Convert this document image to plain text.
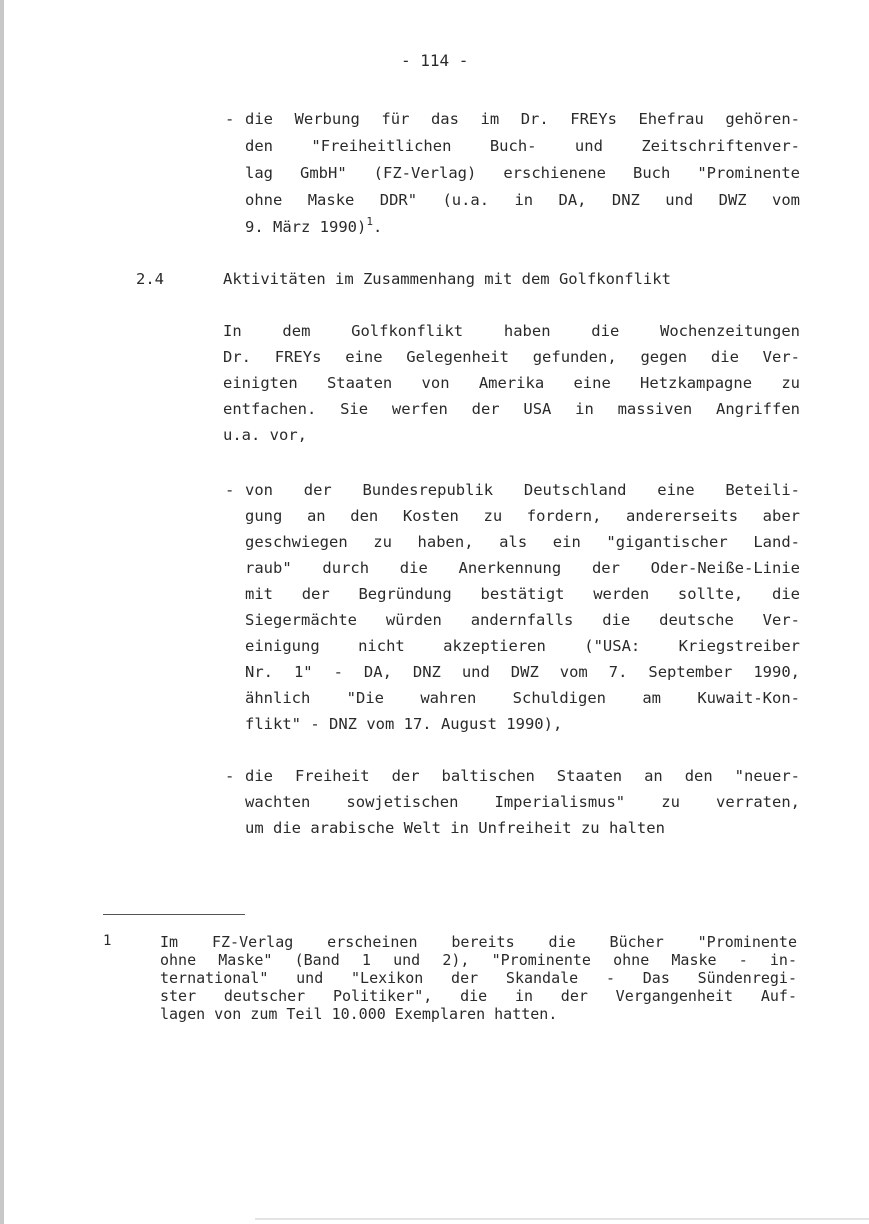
- 114 -
- die Werbung für das im Dr. FREYs Ehefrau gehören-
den "Freiheitlichen Buch- und Zeitschriftenver-
lag GmbH" (FZ-Verlag) erschienene Buch "Prominente
ohne Maske DDR" (u.a. in DA, DNZ und DWZ vom
9. März 1990)$^1$.
2.4	Aktivitäten im Zusammenhang mit dem Golfkonflikt
In dem Golfkonflikt haben die Wochenzeitungen
Dr. FREYs eine Gelegenheit gefunden, gegen die Ver-
einigten Staaten von Amerika eine Hetzkampagne zu
entfachen. Sie werfen der USA in massiven Angriffen
u.a. vor,
- von der Bundesrepublik Deutschland eine Beteili-
gung an den Kosten zu fordern, andererseits aber
geschwiegen zu haben, als ein "gigantischer Land-
raub" durch die Anerkennung der Oder-Neiße-Linie
mit der Begründung bestätigt werden sollte, die
Siegermächte würden andernfalls die deutsche Ver-
einigung nicht akzeptieren ("USA: Kriegstreiber
Nr. 1" - DA, DNZ und DWZ vom 7. September 1990,
ähnlich "Die wahren Schuldigen am Kuwait-Kon-
flikt" - DNZ vom 17. August 1990),
- die Freiheit der baltischen Staaten an den "neuer-
wachten sowjetischen Imperialismus" zu verraten,
um die arabische Welt in Unfreiheit zu halten
1	Im FZ-Verlag erscheinen bereits die Bücher "Prominente
ohne Maske" (Band 1 und 2), "Prominente ohne Maske - in-
ternational" und "Lexikon der Skandale - Das Sündenregi-
ster deutscher Politiker", die in der Vergangenheit Auf-
lagen von zum Teil 10.000 Exemplaren hatten.
